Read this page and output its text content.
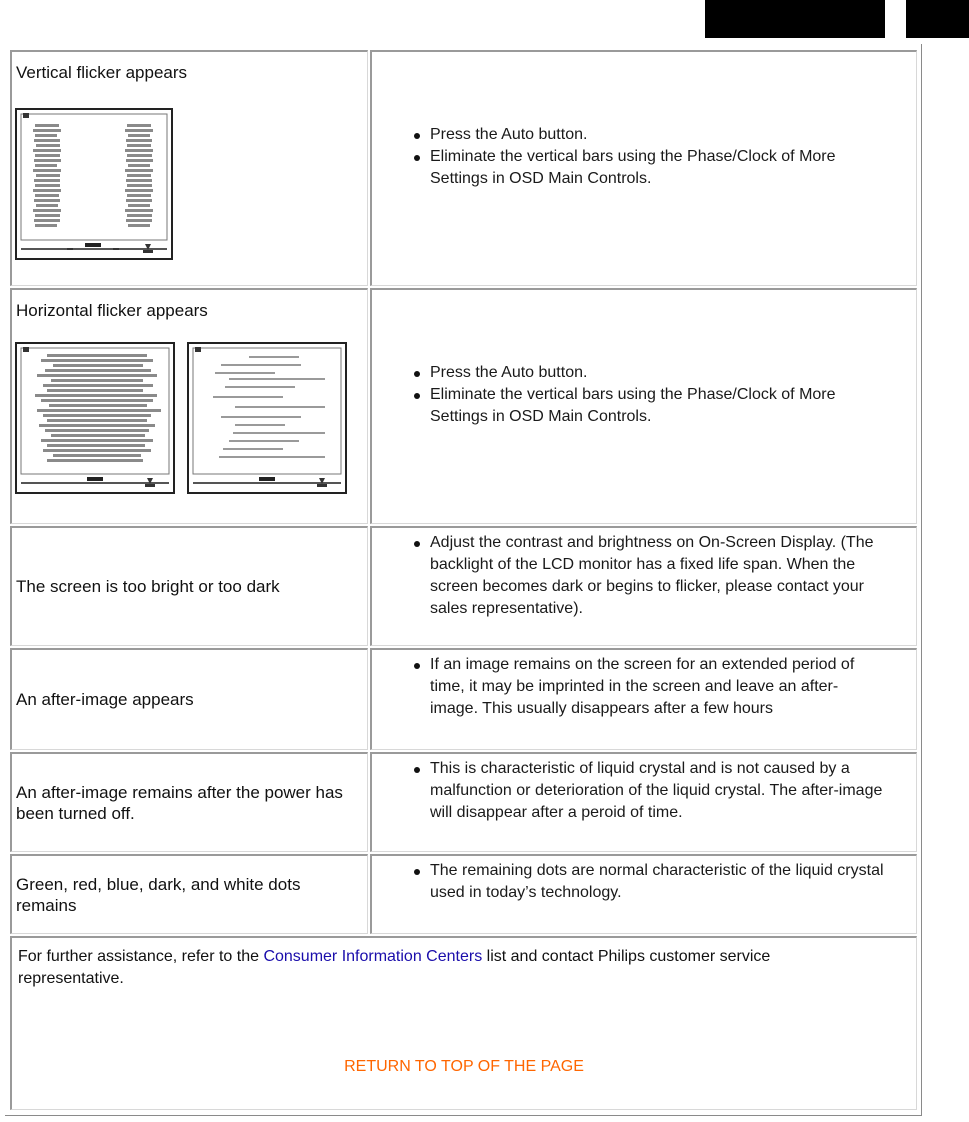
Vertical flicker appears
Press the Auto button.
Eliminate the vertical bars using the Phase/Clock of More Settings in OSD Main Controls.
Horizontal flicker appears
Press the Auto button.
Eliminate the vertical bars using the Phase/Clock of More Settings in OSD Main Controls.
The screen is too bright or too dark
Adjust the contrast and brightness on On-Screen Display. (The backlight of the LCD monitor has a fixed life span. When the screen becomes dark or begins to flicker, please contact your sales representative).
An after-image appears
If an image remains on the screen for an extended period of time, it may be imprinted in the screen and leave an after-image. This usually disappears after a few hours
An after-image remains after the power has been turned off.
This is characteristic of liquid crystal and is not caused by a malfunction or deterioration of the liquid crystal. The after-image will disappear after a peroid of time.
Green, red, blue, dark, and white dots remains
The remaining dots are normal characteristic of the liquid crystal used in today’s technology.
For further assistance, refer to the Consumer Information Centers list and contact Philips customer service representative.
RETURN TO TOP OF THE PAGE
